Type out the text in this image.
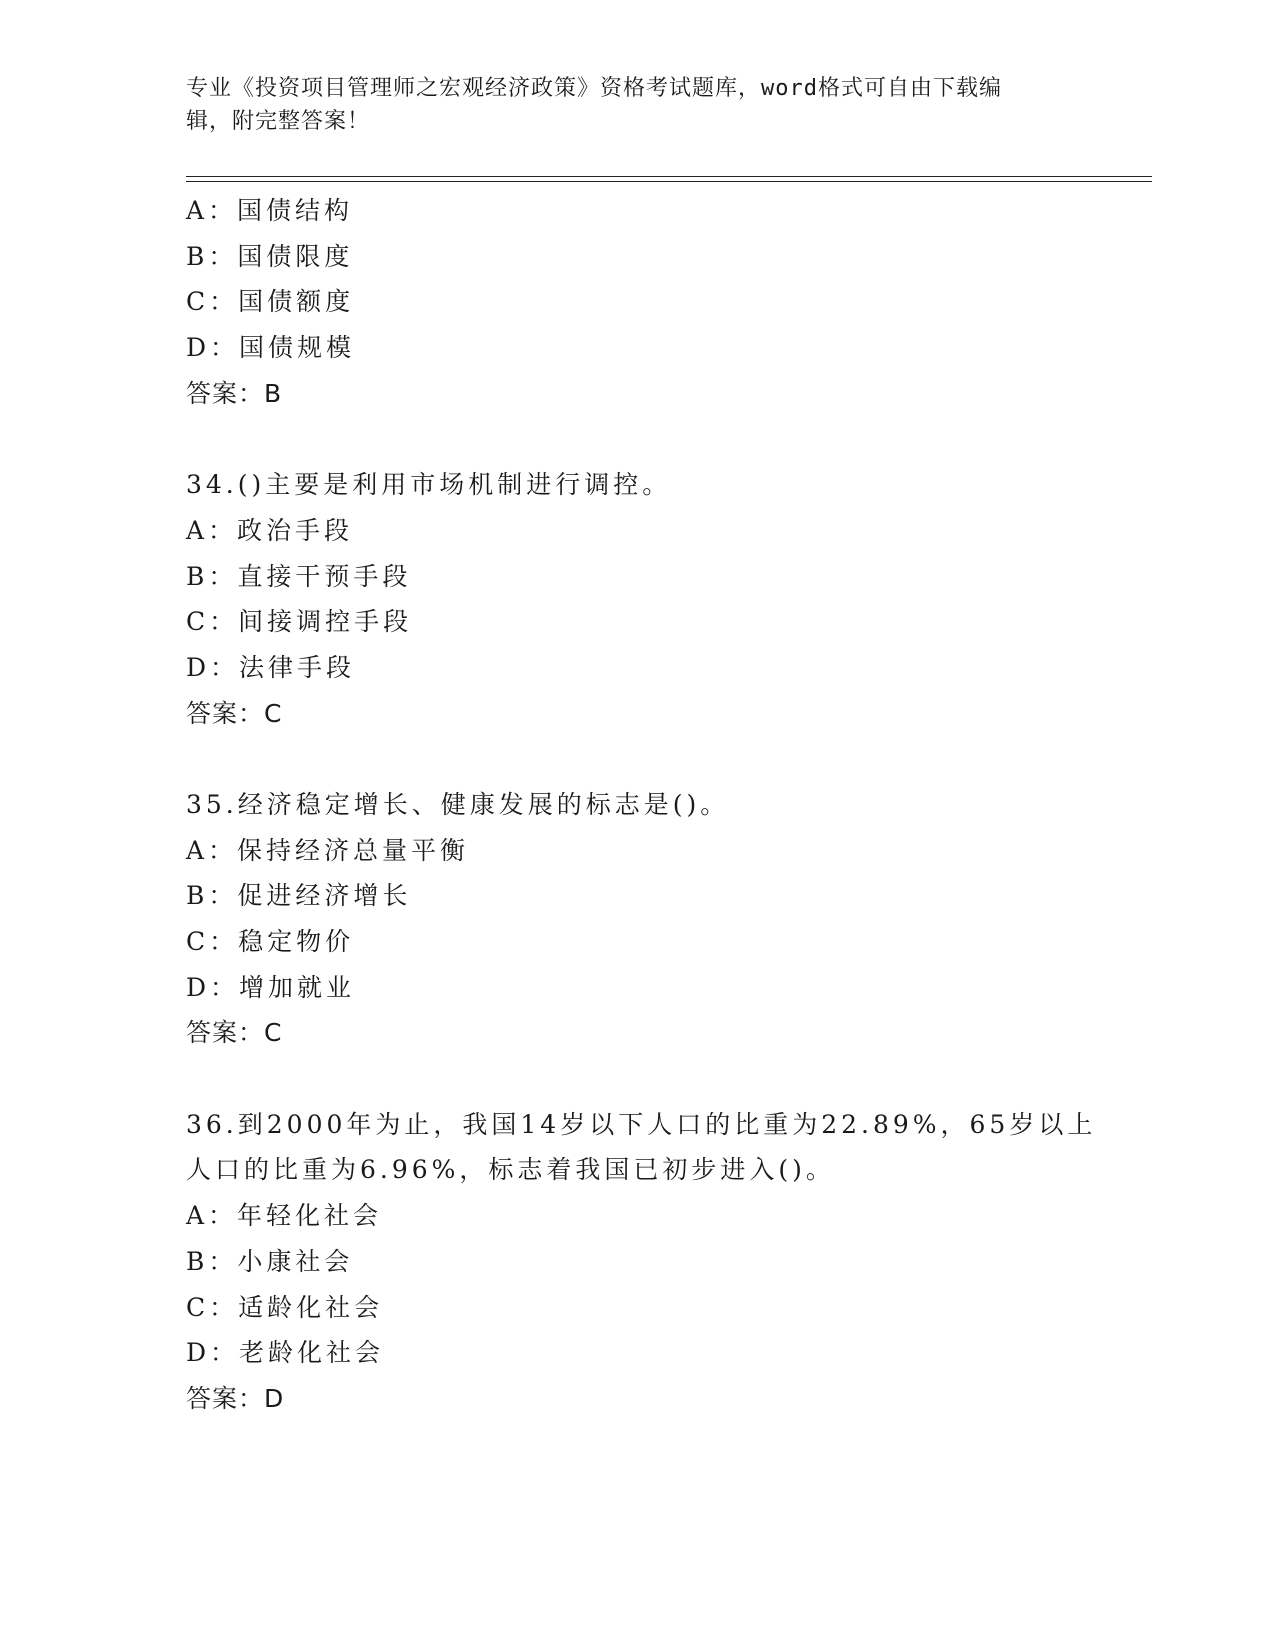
专业《投资项目管理师之宏观经济政策》资格考试题库，word格式可自由下载编
辑，附完整答案！
A：国债结构
B：国债限度
C：国债额度
D：国债规模
答案：B
34.()主要是利用市场机制进行调控。
A：政治手段
B：直接干预手段
C：间接调控手段
D：法律手段
答案：C
35.经济稳定增长、健康发展的标志是()。
A：保持经济总量平衡
B：促进经济增长
C：稳定物价
D：增加就业
答案：C
36.到2000年为止，我国14岁以下人口的比重为22.89%，65岁以上
人口的比重为6.96%，标志着我国已初步进入()。
A：年轻化社会
B：小康社会
C：适龄化社会
D：老龄化社会
答案：D
